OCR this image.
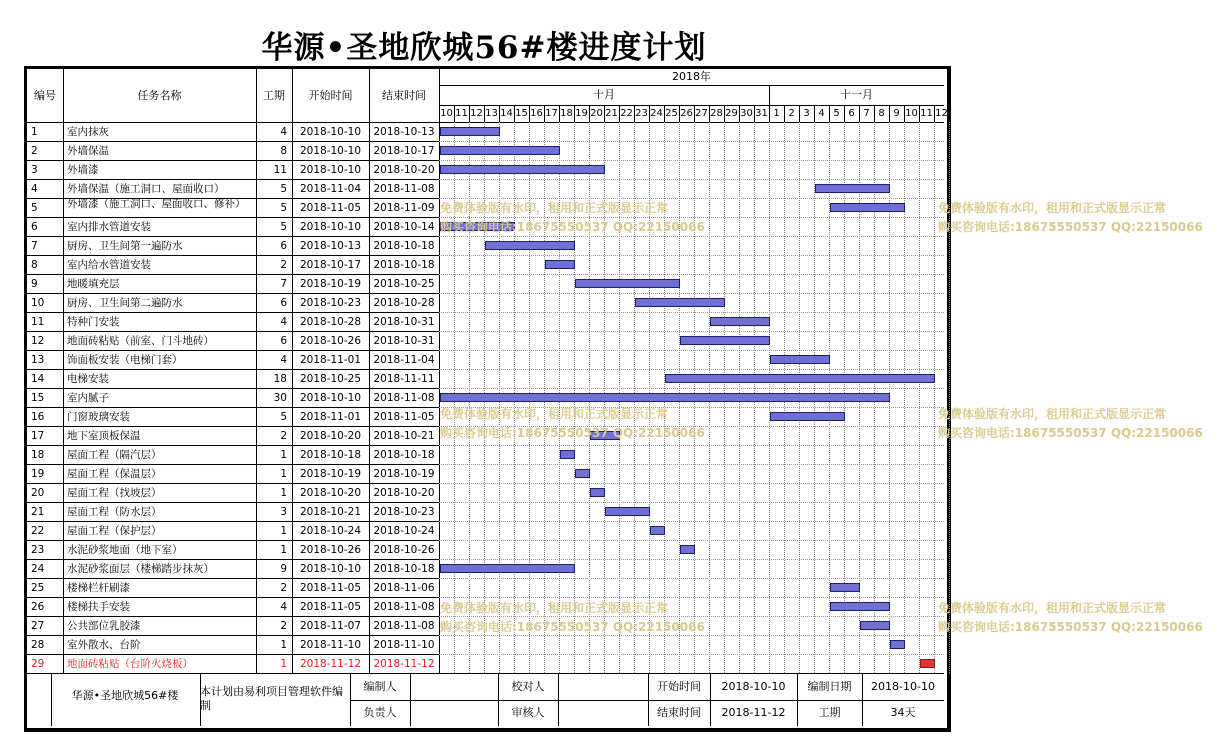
华源•圣地欣城56#楼进度计划
编号	任务名称	工期	开始时间	结束时间
2018年
十月	十一月
10 11 12 13 14 15 16 17 18 19 20 21 22 23 24 25 26 27 28 29 30 31 1 2 3 4 5 6 7 8 9 10 11 12
1	室内抹灰	4	2018-10-10	2018-10-13
2	外墙保温	8	2018-10-10	2018-10-17
3	外墙漆	11	2018-10-10	2018-10-20
4	外墙保温（施工洞口、屋面收口）	5	2018-11-04	2018-11-08
5	外墙漆（施工洞口、屋面收口、修补）	5	2018-11-05	2018-11-09
6	室内排水管道安装	5	2018-10-10	2018-10-14
7	厨房、卫生间第一遍防水	6	2018-10-13	2018-10-18
8	室内给水管道安装	2	2018-10-17	2018-10-18
9	地暖填充层	7	2018-10-19	2018-10-25
10	厨房、卫生间第二遍防水	6	2018-10-23	2018-10-28
11	特种门安装	4	2018-10-28	2018-10-31
12	地面砖粘贴（前室、门斗地砖）	6	2018-10-26	2018-10-31
13	饰面板安装（电梯门套）	4	2018-11-01	2018-11-04
14	电梯安装	18	2018-10-25	2018-11-11
15	室内腻子	30	2018-10-10	2018-11-08
16	门窗玻璃安装	5	2018-11-01	2018-11-05
17	地下室顶板保温	2	2018-10-20	2018-10-21
18	屋面工程（隔汽层）	1	2018-10-18	2018-10-18
19	屋面工程（保温层）	1	2018-10-19	2018-10-19
20	屋面工程（找坡层）	1	2018-10-20	2018-10-20
21	屋面工程（防水层）	3	2018-10-21	2018-10-23
22	屋面工程（保护层）	1	2018-10-24	2018-10-24
23	水泥砂浆地面（地下室）	1	2018-10-26	2018-10-26
24	水泥砂浆面层（楼梯踏步抹灰）	9	2018-10-10	2018-10-18
25	楼梯栏杆刷漆	2	2018-11-05	2018-11-06
26	楼梯扶手安装	4	2018-11-05	2018-11-08
27	公共部位乳胶漆	2	2018-11-07	2018-11-08
28	室外散水、台阶	1	2018-11-10	2018-11-10
29	地面砖粘贴（台阶火烧板）	1	2018-11-12	2018-11-12
免费体验版有水印，租用和正式版显示正常
购买咨询电话:18675550537 QQ:22150066
免费体验版有水印，租用和正式版显示正常
购买咨询电话:18675550537 QQ:22150066
免费体验版有水印，租用和正式版显示正常
购买咨询电话:18675550537 QQ:22150066
免费体验版有水印，租用和正式版显示正常
购买咨询电话:18675550537 QQ:22150066
免费体验版有水印，租用和正式版显示正常
购买咨询电话:18675550537 QQ:22150066
免费体验版有水印，租用和正式版显示正常
购买咨询电话:18675550537 QQ:22150066
华源•圣地欣城56#楼	本计划由易利项目管理软件编制
编制人	校对人	开始时间	2018-10-10	编制日期	2018-10-10
负责人	审核人	结束时间	2018-11-12	工期	34天
